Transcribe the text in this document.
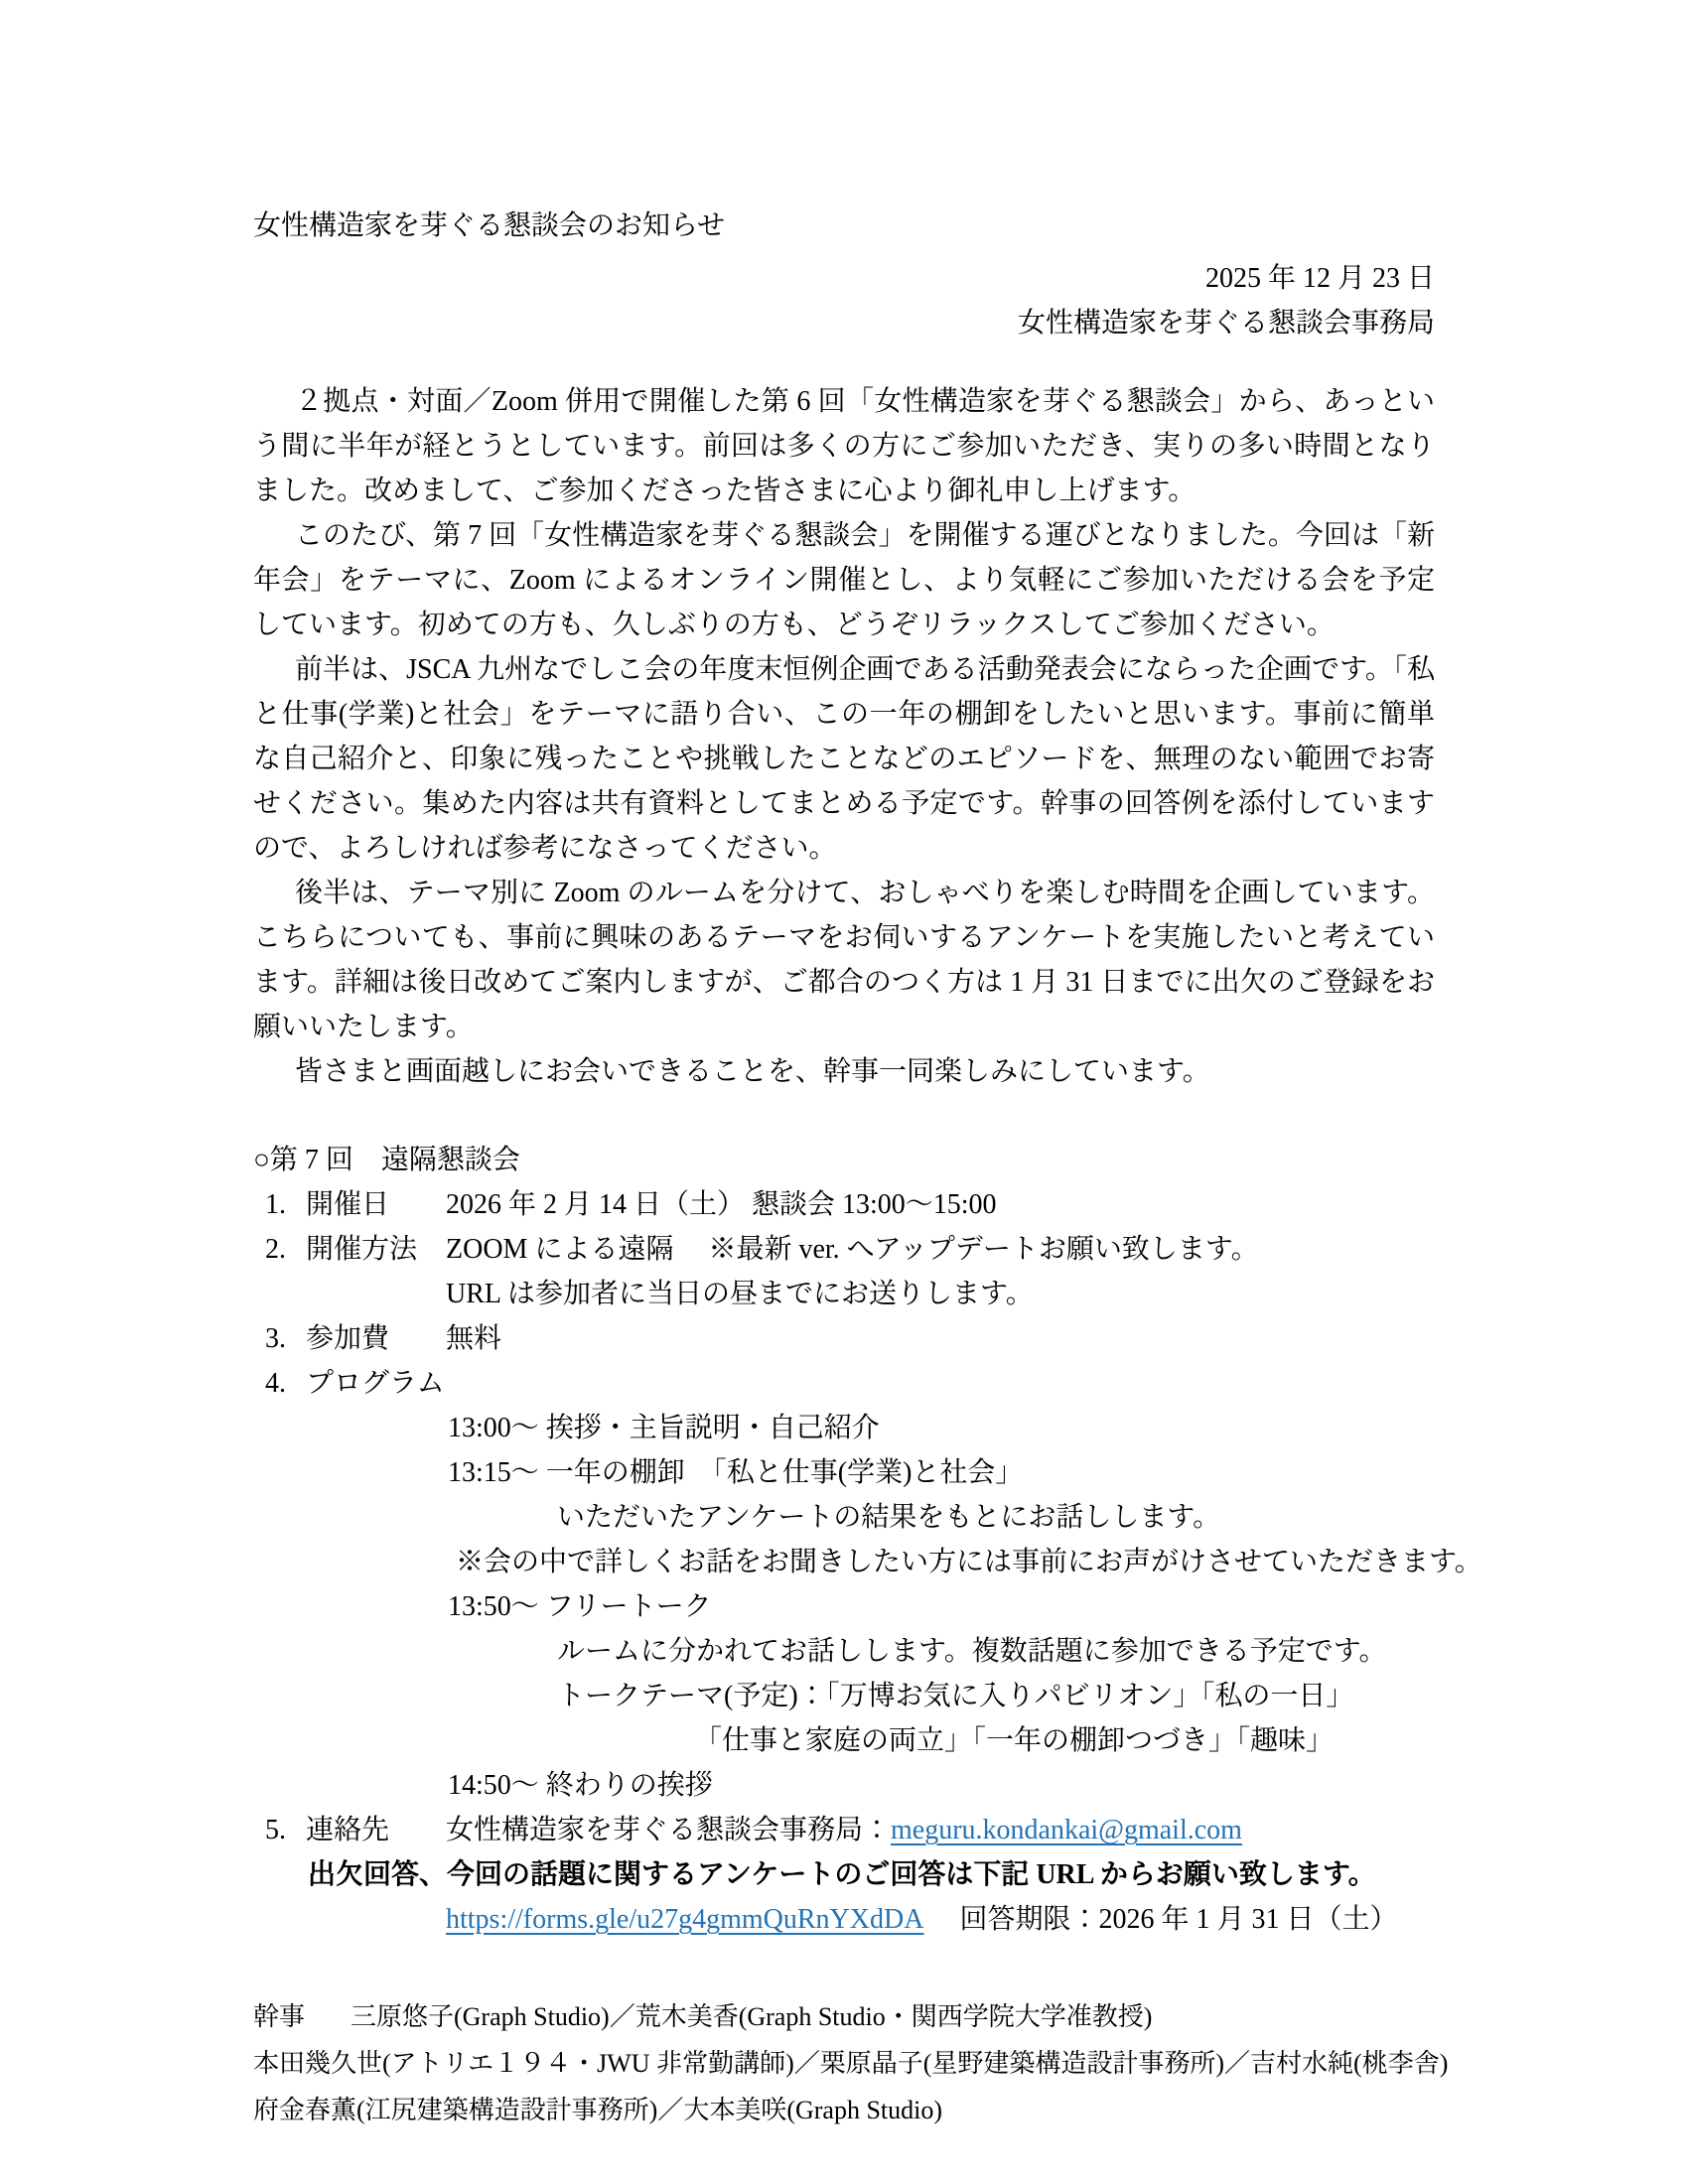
女性構造家を芽ぐる懇談会のお知らせ
2025 年 12 月 23 日
女性構造家を芽ぐる懇談会事務局

２拠点・対面／Zoom 併用で開催した第 6 回「女性構造家を芽ぐる懇談会」から、あっという間に半年が経とうとしています。前回は多くの方にご参加いただき、実りの多い時間となりました。改めまして、ご参加くださった皆さまに心より御礼申し上げます。

このたび、第 7 回「女性構造家を芽ぐる懇談会」を開催する運びとなりました。今回は「新年会」をテーマに、Zoom によるオンライン開催とし、より気軽にご参加いただける会を予定しています。初めての方も、久しぶりの方も、どうぞリラックスしてご参加ください。

前半は、JSCA 九州なでしこ会の年度末恒例企画である活動発表会にならった企画です。「私と仕事(学業)と社会」をテーマに語り合い、この一年の棚卸をしたいと思います。事前に簡単な自己紹介と、印象に残ったことや挑戦したことなどのエピソードを、無理のない範囲でお寄せください。集めた内容は共有資料としてまとめる予定です。幹事の回答例を添付していますので、よろしければ参考になさってください。

後半は、テーマ別に Zoom のルームを分けて、おしゃべりを楽しむ時間を企画しています。こちらについても、事前に興味のあるテーマをお伺いするアンケートを実施したいと考えています。詳細は後日改めてご案内しますが、ご都合のつく方は 1 月 31 日までに出欠のご登録をお願いいたします。

皆さまと画面越しにお会いできることを、幹事一同楽しみにしています。

○第 7 回　遠隔懇談会
1. 開催日	2026 年 2 月 14 日（土） 懇談会 13:00～15:00
2. 開催方法	ZOOM による遠隔　 ※最新 ver. へアップデートお願い致します。
URL は参加者に当日の昼までにお送りします。
3. 参加費	無料
4. プログラム
13:00～ 挨拶・主旨説明・自己紹介
13:15～ 一年の棚卸　「私と仕事(学業)と社会」
いただいたアンケートの結果をもとにお話しします。
※会の中で詳しくお話をお聞きしたい方には事前にお声がけさせていただきます。
13:50～ フリートーク
ルームに分かれてお話しします。複数話題に参加できる予定です。
トークテーマ(予定)：「万博お気に入りパビリオン」「私の一日」
「仕事と家庭の両立」「一年の棚卸つづき」「趣味」
14:50～ 終わりの挨拶
5. 連絡先	女性構造家を芽ぐる懇談会事務局：meguru.kondankai@gmail.com
出欠回答、今回の話題に関するアンケートのご回答は下記 URL からお願い致します。
https://forms.gle/u27g4gmmQuRnYXdDA 回答期限：2026 年 1 月 31 日（土）
幹事	三原悠子(Graph Studio)／荒木美香(Graph Studio・関西学院大学准教授)
本田幾久世(アトリエ１９４・JWU 非常勤講師)／栗原晶子(星野建築構造設計事務所)／吉村水純(桃李舎)
府金春薫(江尻建築構造設計事務所)／大本美咲(Graph Studio)
